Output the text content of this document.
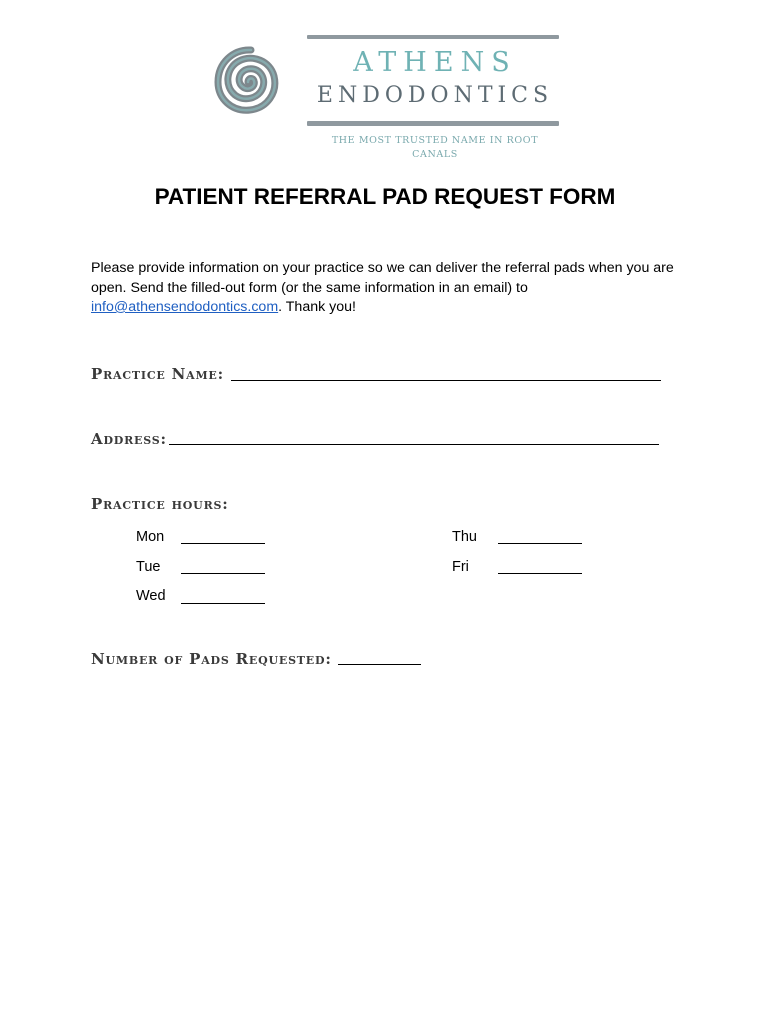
ATHENS
ENDODONTICS
THE MOST TRUSTED NAME IN ROOT CANALS
PATIENT REFERRAL PAD REQUEST FORM
Please provide information on your practice so we can deliver the referral pads when you are open. Send the filled-out form (or the same information in an email) to info@athensendodontics.com. Thank you!
Practice Name:
Address:
Practice hours:
Mon
Tue
Wed
Thu
Fri
Number of Pads Requested:
